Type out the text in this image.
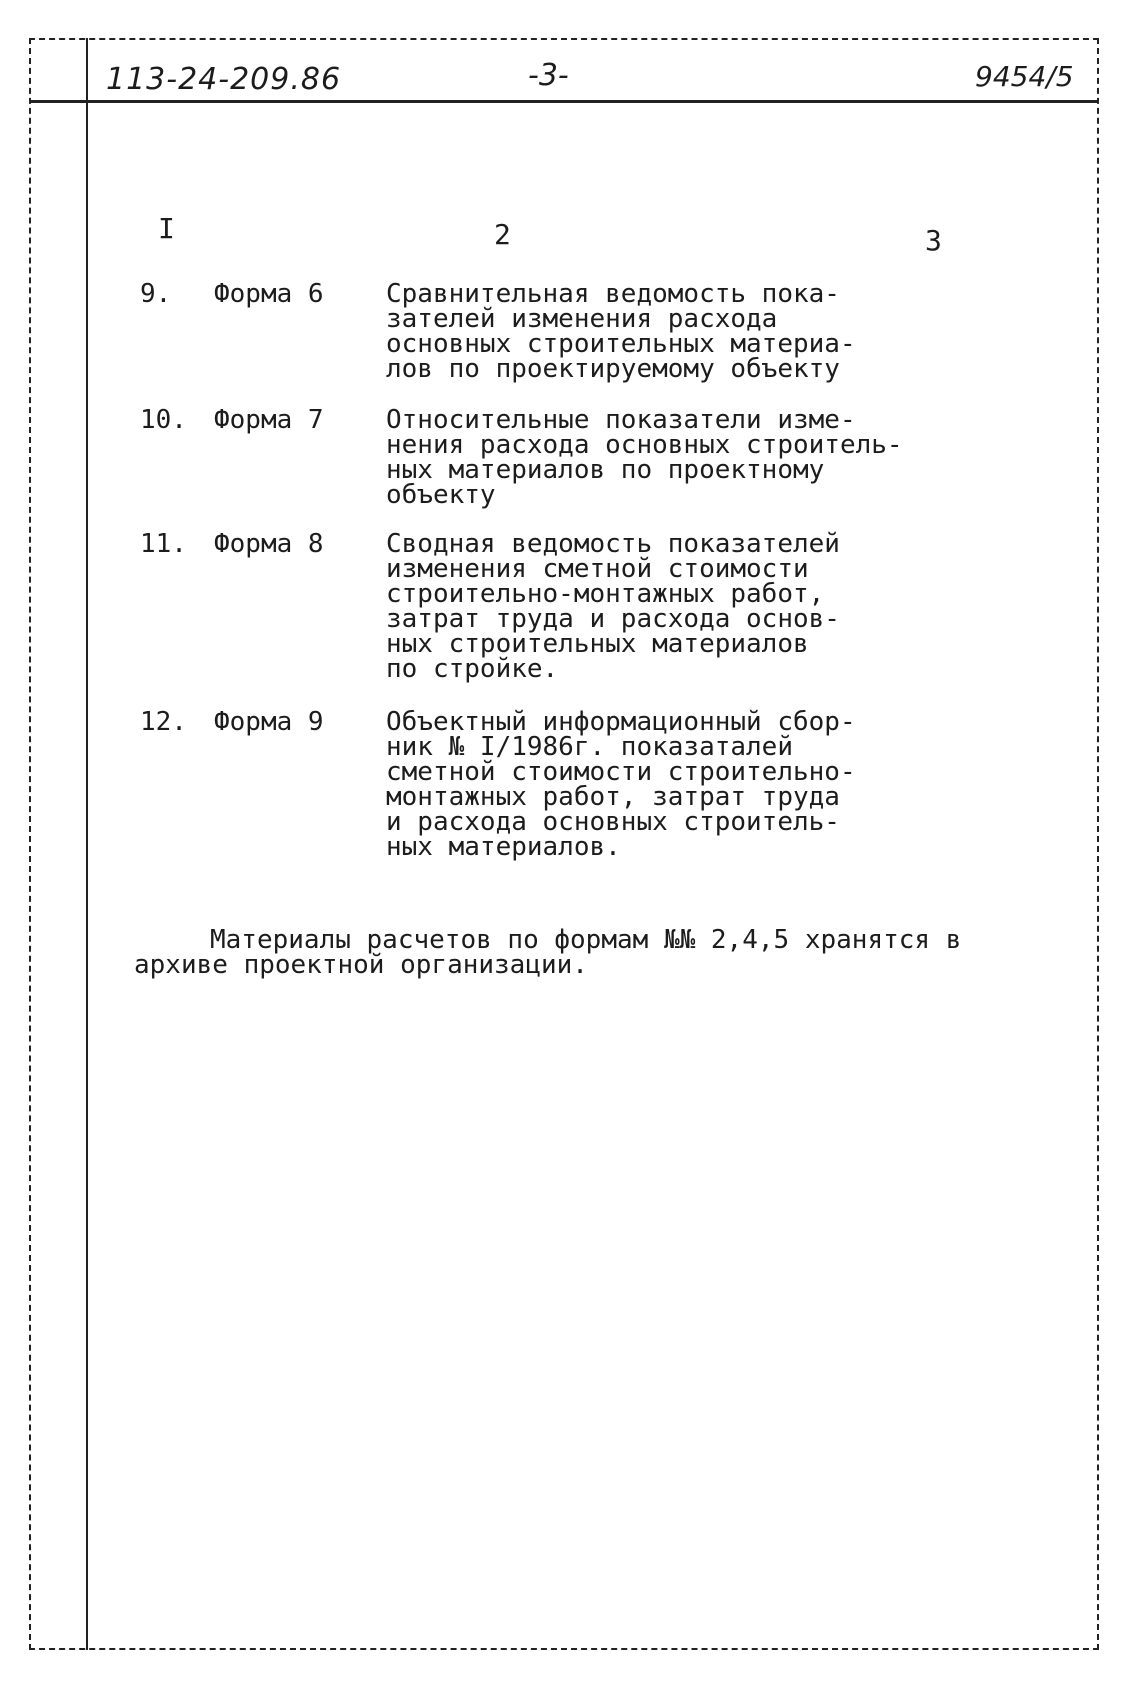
113-24-209.86	-3-	9454/5
I	2	3
9. Форма 6 Сравнительная ведомость пока-
зателей изменения расхода
основных строительных материа-
лов по проектируемому объекту
10. Форма 7 Относительные показатели изме-
нения расхода основных строитель-
ных материалов по проектному
объекту
11. Форма 8 Сводная ведомость показателей
изменения сметной стоимости
строительно-монтажных работ,
затрат труда и расхода основ-
ных строительных материалов
по стройке.
12. Форма 9 Объектный информационный сбор-
ник № I/1986г. показаталей
сметной стоимости строительно-
монтажных работ, затрат труда
и расхода основных строитель-
ных материалов.
Материалы расчетов по формам №№ 2,4,5 хранятся в архиве проектной организации.
